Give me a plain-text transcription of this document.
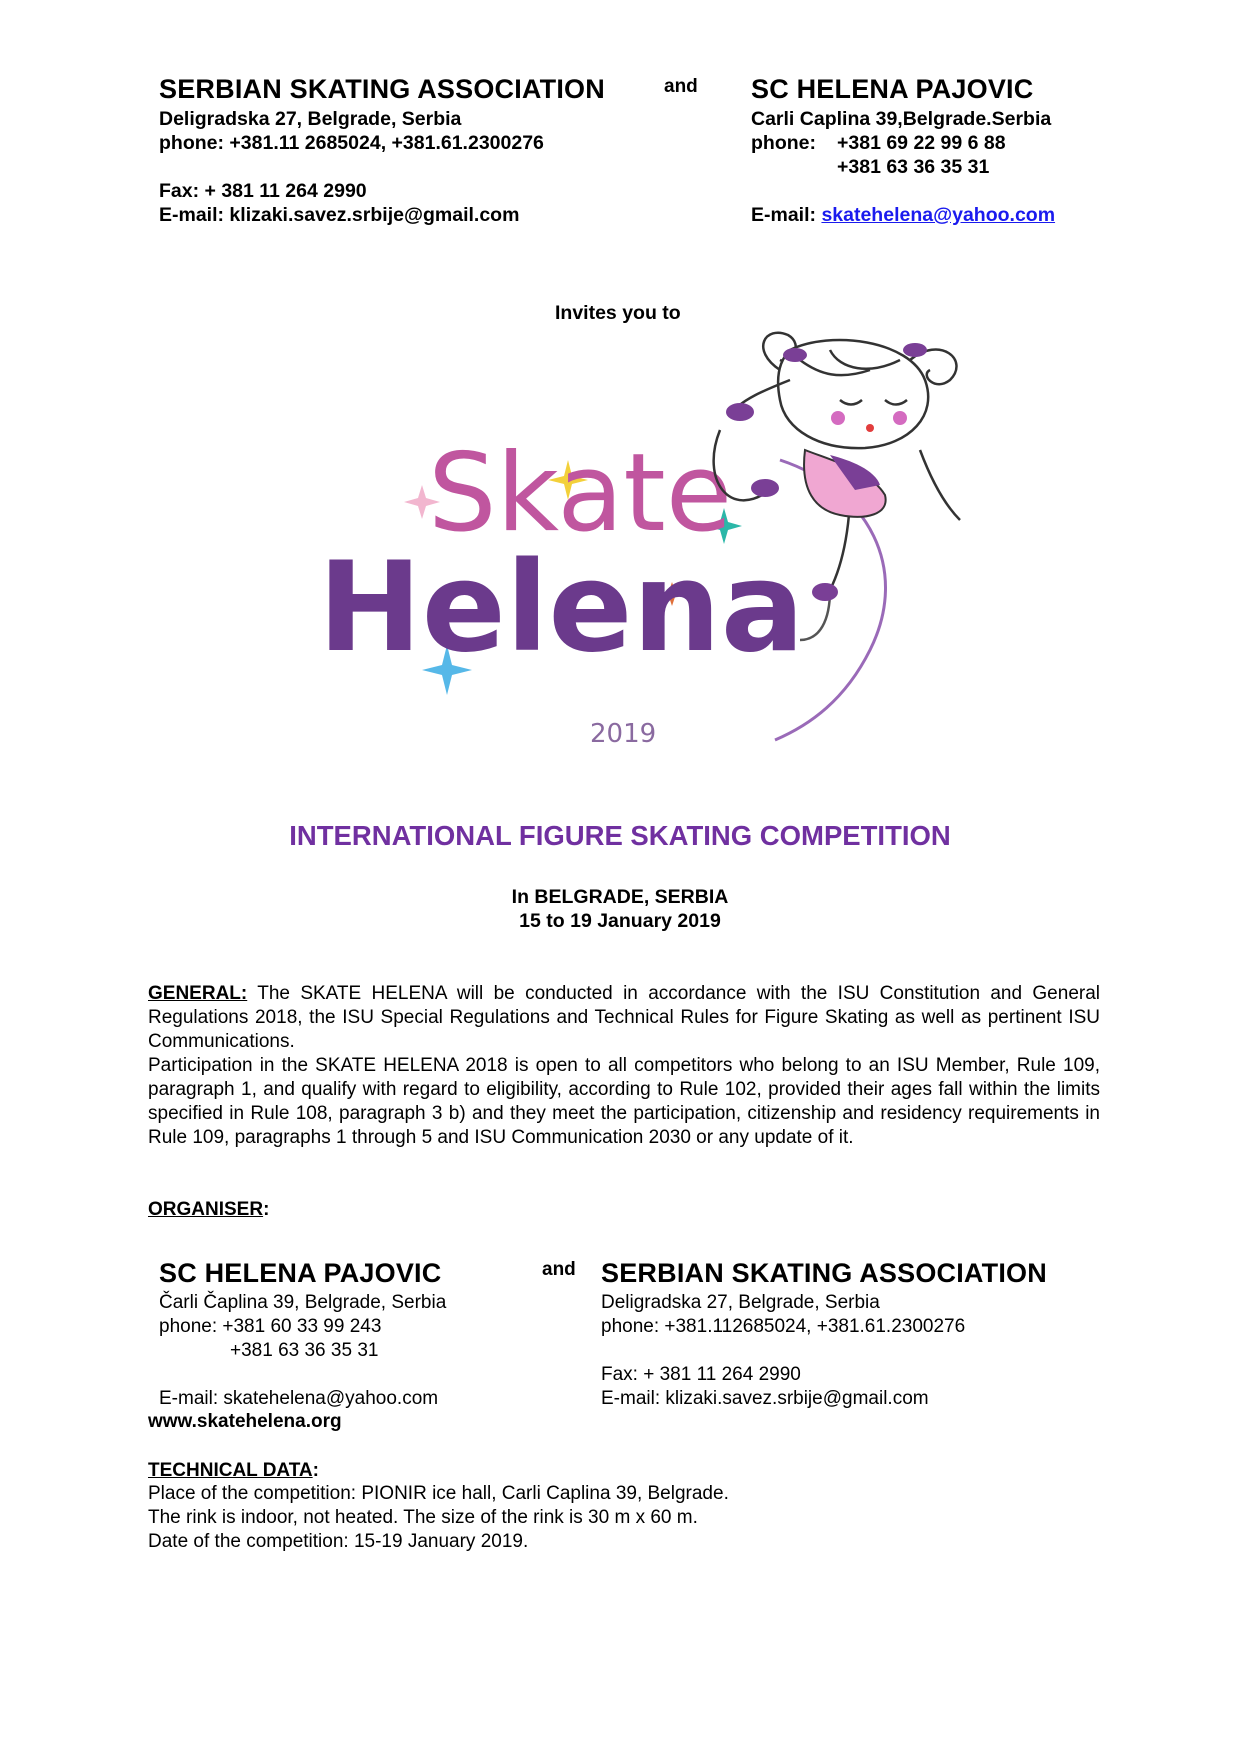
SERBIAN SKATING ASSOCIATION
Deligradska 27, Belgrade, Serbia
phone: +381.11 2685024, +381.61.2300276
Fax: + 381 11 264 2990
E-mail: klizaki.savez.srbije@gmail.com
and SC HELENA PAJOVIC
Carli Caplina 39,Belgrade.Serbia
phone: +381 69 22 99 6 88
+381 63 36 35 31
E-mail: skatehelena@yahoo.com
Invites you to
Skate
Helena
2019
INTERNATIONAL FIGURE SKATING COMPETITION
In BELGRADE, SERBIA
15 to 19 January 2019
GENERAL: The SKATE HELENA will be conducted in accordance with the ISU Constitution and General Regulations 2018, the ISU Special Regulations and Technical Rules for Figure Skating as well as pertinent ISU Communications.
Participation in the SKATE HELENA 2018 is open to all competitors who belong to an ISU Member, Rule 109, paragraph 1, and qualify with regard to eligibility, according to Rule 102, provided their ages fall within the limits specified in Rule 108, paragraph 3 b) and they meet the participation, citizenship and residency requirements in Rule 109, paragraphs 1 through 5 and ISU Communication 2030 or any update of it.
ORGANISER:
SC HELENA PAJOVIC
Čarli Čaplina 39, Belgrade, Serbia
phone: +381 60 33 99 243
+381 63 36 35 31
E-mail: skatehelena@yahoo.com
www.skatehelena.org
and SERBIAN SKATING ASSOCIATION
Deligradska 27, Belgrade, Serbia
phone: +381.112685024, +381.61.2300276
Fax: + 381 11 264 2990
E-mail: klizaki.savez.srbije@gmail.com
TECHNICAL DATA:
Place of the competition: PIONIR ice hall, Carli Caplina 39, Belgrade.
The rink is indoor, not heated. The size of the rink is 30 m x 60 m.
Date of the competition: 15-19 January 2019.
